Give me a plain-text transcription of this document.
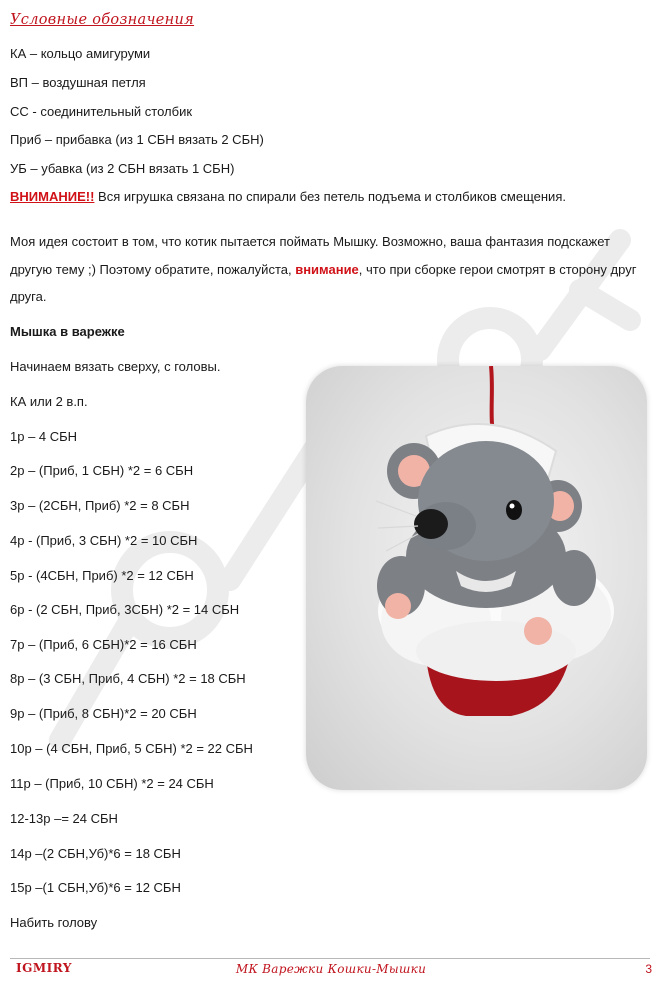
Условные обозначения
КА – кольцо амигуруми
ВП – воздушная петля
СС - соединительный столбик
Приб – прибавка (из 1 СБН вязать 2 СБН)
УБ – убавка (из 2 СБН вязать 1 СБН)
ВНИМАНИЕ!! Вся игрушка связана по спирали без петель подъема и столбиков смещения.
Моя идея состоит в том, что котик пытается поймать Мышку. Возможно, ваша фантазия подскажет другую тему ;) Поэтому обратите, пожалуйста, внимание, что при сборке герои смотрят в сторону друг друга.
Мышка в варежке
Начинаем вязать сверху, с головы.
КА или 2 в.п.
1р – 4 СБН
2р – (Приб, 1 СБН) *2 = 6 СБН
3р – (2СБН, Приб) *2 = 8 СБН
4р - (Приб, 3 СБН) *2 = 10 СБН
5р - (4СБН, Приб) *2 = 12 СБН
6р - (2 СБН, Приб, 3СБН) *2 = 14 СБН
7р – (Приб, 6 СБН)*2 = 16 СБН
8р – (3 СБН, Приб, 4 СБН) *2 = 18 СБН
9р – (Приб, 8 СБН)*2 = 20 СБН
10р – (4 СБН, Приб, 5 СБН) *2 = 22 СБН
11р – (Приб, 10 СБН) *2 = 24 СБН
12-13р –= 24 СБН
14р –(2 СБН,Уб)*6 = 18 СБН
15р –(1 СБН,Уб)*6 = 12 СБН
Набить голову
IGMIRY	МК Варежки Кошки-Мышки	3
